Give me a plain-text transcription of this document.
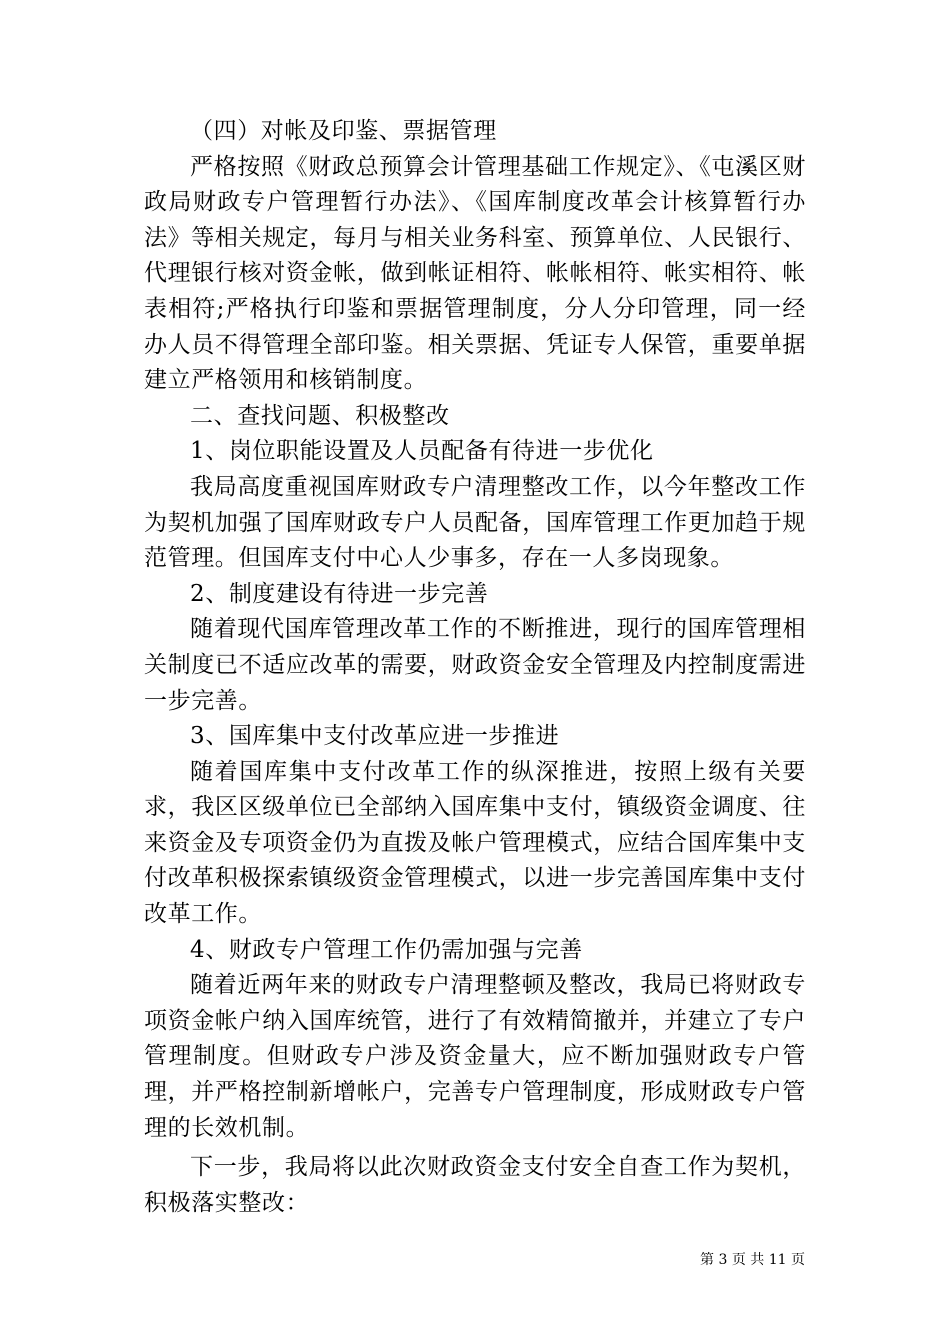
（四）对帐及印鉴、票据管理

严格按照《财政总预算会计管理基础工作规定》、《屯溪区财政局财政专户管理暂行办法》、《国库制度改革会计核算暂行办法》等相关规定，每月与相关业务科室、预算单位、人民银行、代理银行核对资金帐，做到帐证相符、帐帐相符、帐实相符、帐表相符;严格执行印鉴和票据管理制度，分人分印管理，同一经办人员不得管理全部印鉴。相关票据、凭证专人保管，重要单据建立严格领用和核销制度。

二、查找问题、积极整改

1、岗位职能设置及人员配备有待进一步优化

我局高度重视国库财政专户清理整改工作，以今年整改工作为契机加强了国库财政专户人员配备，国库管理工作更加趋于规范管理。但国库支付中心人少事多，存在一人多岗现象。

2、制度建设有待进一步完善

随着现代国库管理改革工作的不断推进，现行的国库管理相关制度已不适应改革的需要，财政资金安全管理及内控制度需进一步完善。

3、国库集中支付改革应进一步推进

随着国库集中支付改革工作的纵深推进，按照上级有关要求，我区区级单位已全部纳入国库集中支付，镇级资金调度、往来资金及专项资金仍为直拨及帐户管理模式，应结合国库集中支付改革积极探索镇级资金管理模式，以进一步完善国库集中支付改革工作。

4、财政专户管理工作仍需加强与完善

随着近两年来的财政专户清理整顿及整改，我局已将财政专项资金帐户纳入国库统管，进行了有效精简撤并，并建立了专户管理制度。但财政专户涉及资金量大，应不断加强财政专户管理，并严格控制新增帐户，完善专户管理制度，形成财政专户管理的长效机制。

下一步，我局将以此次财政资金支付安全自查工作为契机，积极落实整改：

第 3 页 共 11 页
